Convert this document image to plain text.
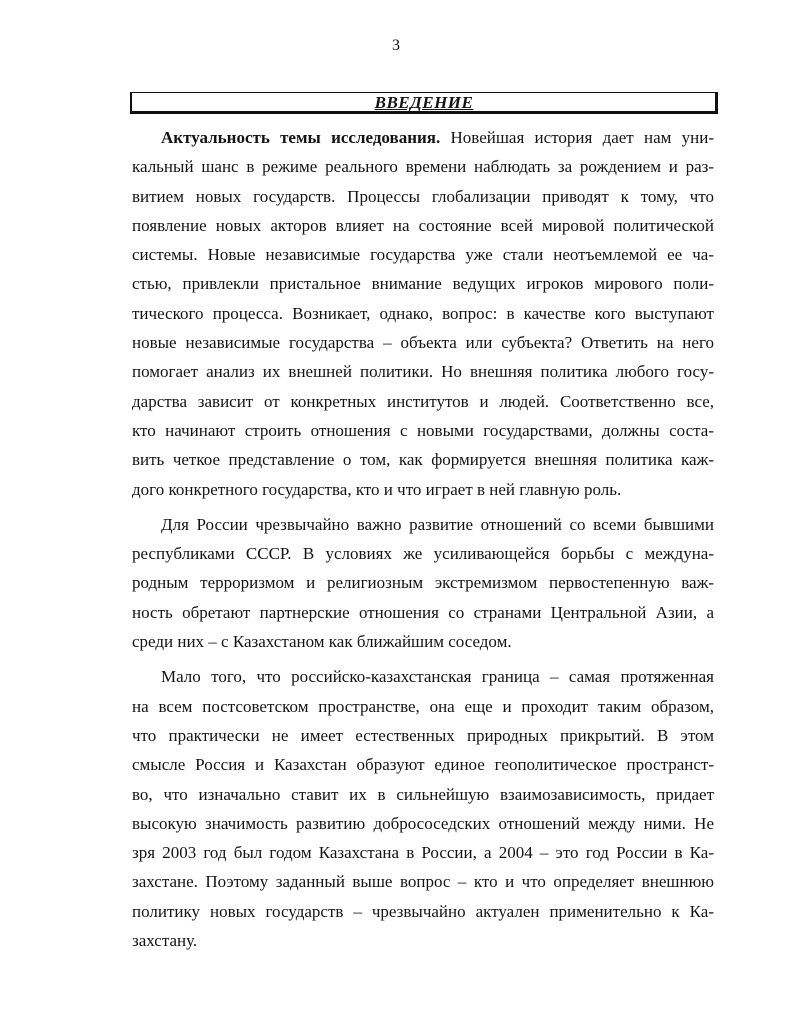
3
ВВЕДЕНИЕ
Актуальность темы исследования. Новейшая история дает нам уни-
кальный шанс в режиме реального времени наблюдать за рождением и раз-
витием новых государств. Процессы глобализации приводят к тому, что
появление новых акторов влияет на состояние всей мировой политической
системы. Новые независимые государства уже стали неотъемлемой ее ча-
стью, привлекли пристальное внимание ведущих игроков мирового поли-
тического процесса. Возникает, однако, вопрос: в качестве кого выступают
новые независимые государства – объекта или субъекта? Ответить на него
помогает анализ их внешней политики. Но внешняя политика любого госу-
дарства зависит от конкретных институтов и людей. Соответственно все,
кто начинают строить отношения с новыми государствами, должны соста-
вить четкое представление о том, как формируется внешняя политика каж-
дого конкретного государства, кто и что играет в ней главную роль.
Для России чрезвычайно важно развитие отношений со всеми бывшими
республиками СССР. В условиях же усиливающейся борьбы с междуна-
родным терроризмом и религиозным экстремизмом первостепенную важ-
ность обретают партнерские отношения со странами Центральной Азии, а
среди них – с Казахстаном как ближайшим соседом.
Мало того, что российско-казахстанская граница – самая протяженная
на всем постсоветском пространстве, она еще и проходит таким образом,
что практически не имеет естественных природных прикрытий. В этом
смысле Россия и Казахстан образуют единое геополитическое пространст-
во, что изначально ставит их в сильнейшую взаимозависимость, придает
высокую значимость развитию добрососедских отношений между ними. Не
зря 2003 год был годом Казахстана в России, а 2004 – это год России в Ка-
захстане. Поэтому заданный выше вопрос – кто и что определяет внешнюю
политику новых государств – чрезвычайно актуален применительно к Ка-
захстану.
